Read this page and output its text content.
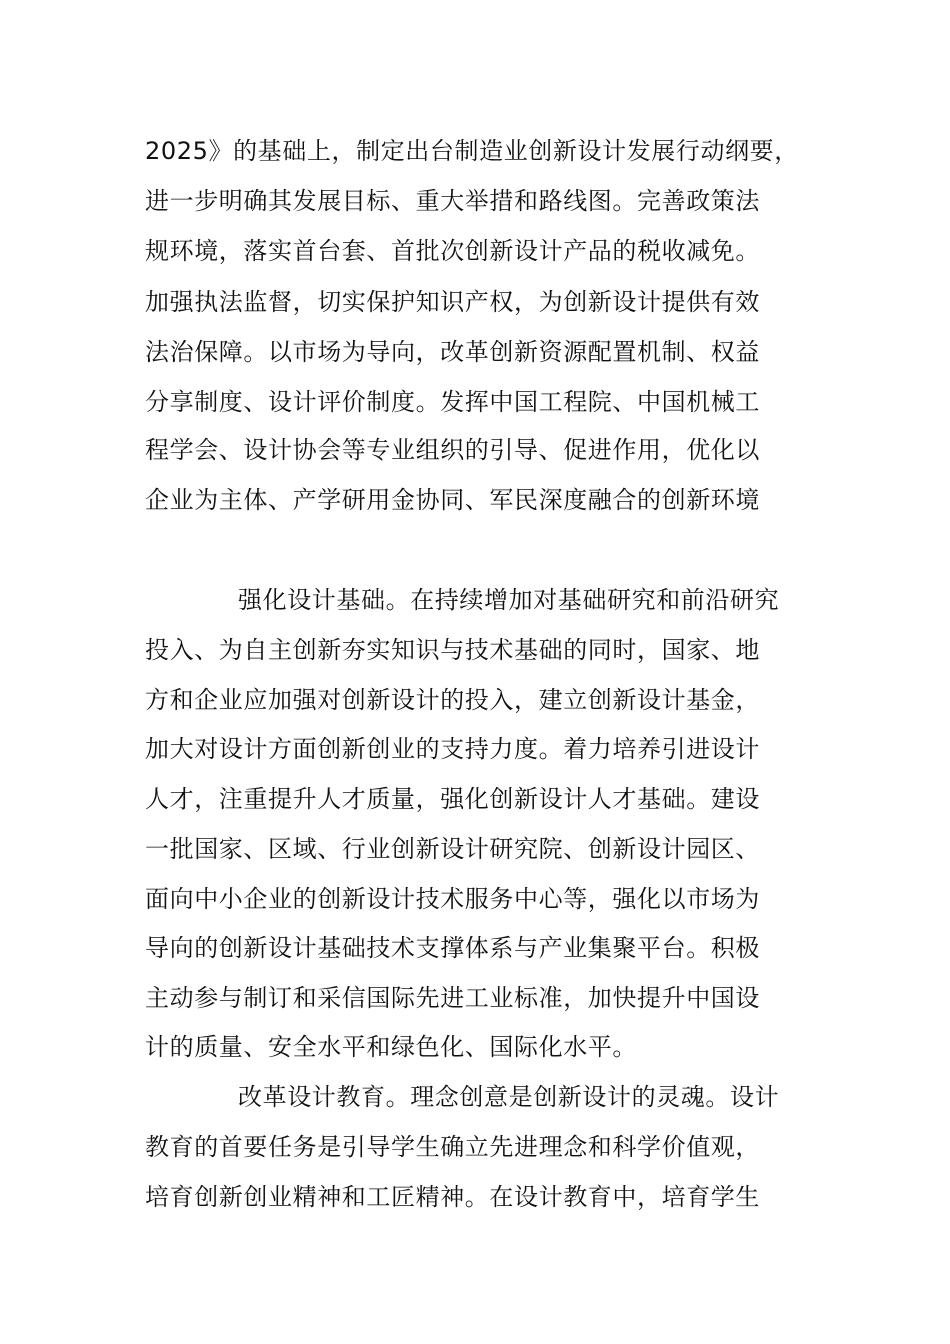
2025》的基础上，制定出台制造业创新设计发展行动纲要，
进一步明确其发展目标、重大举措和路线图。完善政策法
规环境，落实首台套、首批次创新设计产品的税收减免。
加强执法监督，切实保护知识产权，为创新设计提供有效
法治保障。以市场为导向，改革创新资源配置机制、权益
分享制度、设计评价制度。发挥中国工程院、中国机械工
程学会、设计协会等专业组织的引导、促进作用，优化以
企业为主体、产学研用金协同、军民深度融合的创新环境
强化设计基础。在持续增加对基础研究和前沿研究
投入、为自主创新夯实知识与技术基础的同时，国家、地
方和企业应加强对创新设计的投入，建立创新设计基金，
加大对设计方面创新创业的支持力度。着力培养引进设计
人才，注重提升人才质量，强化创新设计人才基础。建设
一批国家、区域、行业创新设计研究院、创新设计园区、
面向中小企业的创新设计技术服务中心等，强化以市场为
导向的创新设计基础技术支撑体系与产业集聚平台。积极
主动参与制订和采信国际先进工业标准，加快提升中国设
计的质量、安全水平和绿色化、国际化水平。
改革设计教育。理念创意是创新设计的灵魂。设计
教育的首要任务是引导学生确立先进理念和科学价值观，
培育创新创业精神和工匠精神。在设计教育中，培育学生
